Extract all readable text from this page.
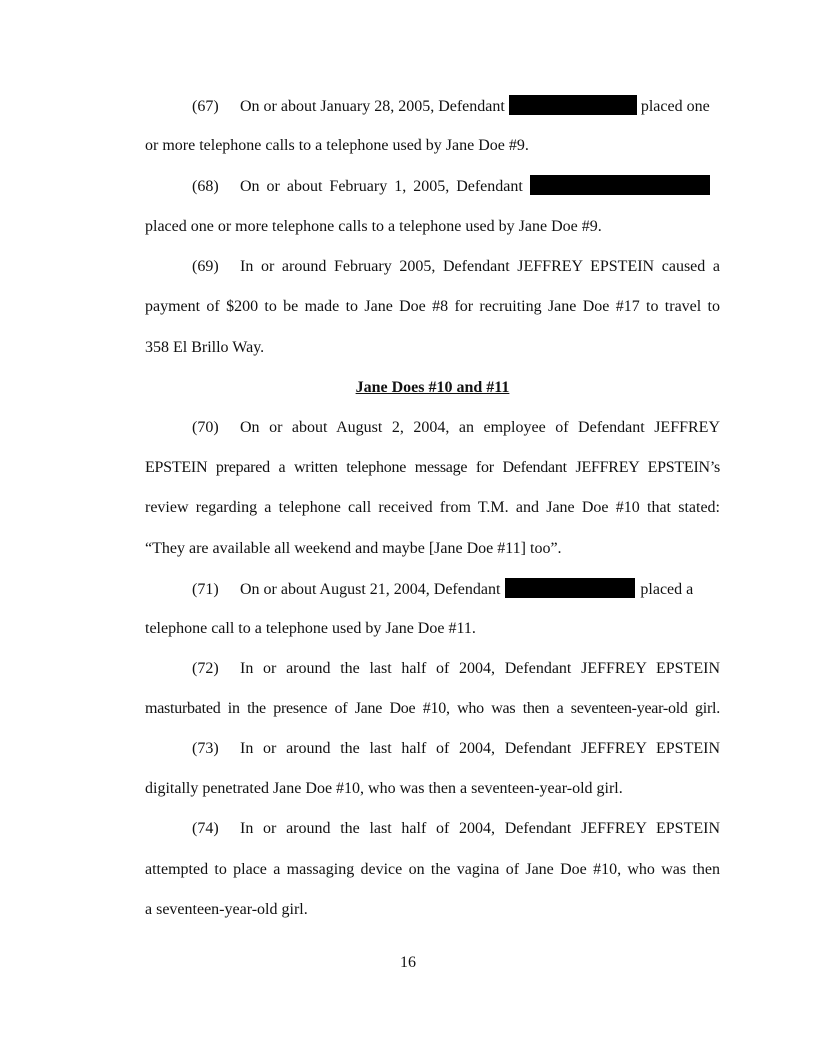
(67) On or about January 28, 2005, Defendant	placed one
or more telephone calls to a telephone used by Jane Doe #9.
(68) On or about February 1, 2005, Defendant
placed one or more telephone calls to a telephone used by Jane Doe #9.
(69) In or around February 2005, Defendant JEFFREY EPSTEIN caused a
payment of $200 to be made to Jane Doe #8 for recruiting Jane Doe #17 to travel to
358 El Brillo Way.
Jane Does #10 and #11
(70) On or about August 2, 2004, an employee of Defendant JEFFREY
EPSTEIN prepared a written telephone message for Defendant JEFFREY EPSTEIN’s
review regarding a telephone call received from T.M. and Jane Doe #10 that stated:
“They are available all weekend and maybe [Jane Doe #11] too”.
(71) On or about August 21, 2004, Defendant	placed a
telephone call to a telephone used by Jane Doe #11.
(72) In or around the last half of 2004, Defendant JEFFREY EPSTEIN
masturbated in the presence of Jane Doe #10, who was then a seventeen-year-old girl.
(73) In or around the last half of 2004, Defendant JEFFREY EPSTEIN
digitally penetrated Jane Doe #10, who was then a seventeen-year-old girl.
(74) In or around the last half of 2004, Defendant JEFFREY EPSTEIN
attempted to place a massaging device on the vagina of Jane Doe #10, who was then
a seventeen-year-old girl.
16
